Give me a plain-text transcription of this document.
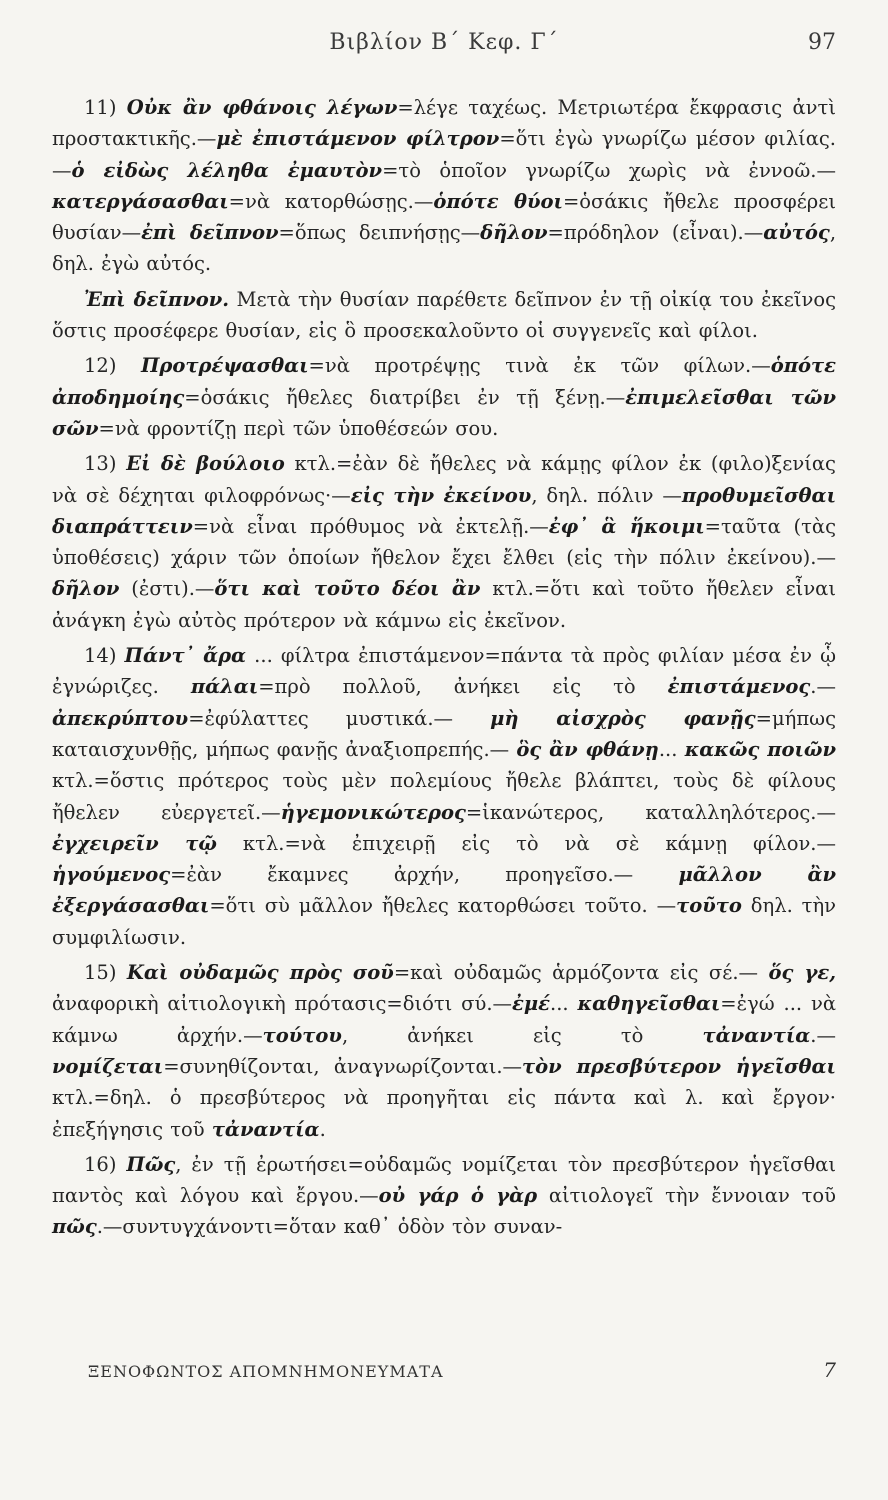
Βιβλίον Β΄ Κεφ. Γ΄	97

11) Οὐκ ἂν φθάνοις λέγων=λέγε ταχέως. Μετριωτέρα ἔκφρασις ἀντὶ προστακτικῆς.—μὲ ἐπιστάμενον φίλτρον=ὅτι ἐγὼ γνωρίζω μέσον φιλίας.—ὁ εἰδὼς λέληθα ἐμαυτὸν=τὸ ὁποῖον γνωρίζω χωρὶς νὰ ἐννοῶ.—κατεργάσασθαι=νὰ κατορθώσῃς.—ὁπότε θύοι=ὁσάκις ἤθελε προσφέρει θυσίαν—ἐπὶ δεῖπνον=ὅπως δειπνήσῃς—δῆλον=πρόδηλον (εἶναι).—αὐτός, δηλ. ἐγὼ αὐτός.

Ἐπὶ δεῖπνον. Μετὰ τὴν θυσίαν παρέθετε δεῖπνον ἐν τῇ οἰκίᾳ του ἐκεῖνος ὅστις προσέφερε θυσίαν, εἰς ὃ προσεκαλοῦντο οἱ συγγενεῖς καὶ φίλοι.

12) Προτρέψασθαι=νὰ προτρέψῃς τινὰ ἐκ τῶν φίλων.—ὁπότε ἀποδημοίης=ὁσάκις ἤθελες διατρίβει ἐν τῇ ξένῃ.—ἐπιμελεῖσθαι τῶν σῶν=νὰ φροντίζῃ περὶ τῶν ὑποθέσεών σου.

13) Εἰ δὲ βούλοιο κτλ.=ἐὰν δὲ ἤθελες νὰ κάμῃς φίλον ἐκ (φιλο)ξενίας νὰ σὲ δέχηται φιλοφρόνως·—εἰς τὴν ἐκείνου, δηλ. πόλιν —προθυμεῖσθαι διαπράττειν=νὰ εἶναι πρόθυμος νὰ ἐκτελῇ.—ἐφ᾿ ἃ ἥκοιμι=ταῦτα (τὰς ὑποθέσεις) χάριν τῶν ὁποίων ἤθελον ἔχει ἔλθει (εἰς τὴν πόλιν ἐκείνου).—δῆλον (ἐστι).—ὅτι καὶ τοῦτο δέοι ἂν κτλ.=ὅτι καὶ τοῦτο ἤθελεν εἶναι ἀνάγκη ἐγὼ αὐτὸς πρότερον νὰ κάμνω εἰς ἐκεῖνον.

14) Πάντ᾿ ἄρα ... φίλτρα ἐπιστάμενον=πάντα τὰ πρὸς φιλίαν μέσα ἐν ᾧ ἐγνώριζες. πάλαι=πρὸ πολλοῦ, ἀνήκει εἰς τὸ ἐπιστάμενος.— ἀπεκρύπτου=ἐφύλαττες μυστικά.— μὴ αἰσχρὸς φανῇς=μήπως καταισχυνθῇς, μήπως φανῇς ἀναξιοπρεπής.— ὃς ἂν φθάνῃ... κακῶς ποιῶν κτλ.=ὅστις πρότερος τοὺς μὲν πολεμίους ἤθελε βλάπτει, τοὺς δὲ φίλους ἤθελεν εὐεργετεῖ.—ἡγεμονικώτερος=ἱκανώτερος, καταλληλότερος.— ἐγχειρεῖν τῷ κτλ.=νὰ ἐπιχειρῇ εἰς τὸ νὰ σὲ κάμνῃ φίλον.— ἡγούμενος=ἐὰν ἔκαμνες ἀρχήν, προηγεῖσο.— μᾶλλον ἂν ἐξεργάσασθαι=ὅτι σὺ μᾶλλον ἤθελες κατορθώσει τοῦτο. —τοῦτο δηλ. τὴν συμφιλίωσιν.

15) Καὶ οὐδαμῶς πρὸς σοῦ=καὶ οὐδαμῶς ἁρμόζοντα εἰς σέ.— ὅς γε, ἀναφορικὴ αἰτιολογικὴ πρότασις=διότι σύ.—ἐμέ... καθηγεῖσθαι=ἐγώ ... νὰ κάμνω ἀρχήν.—τούτου, ἀνήκει εἰς τὸ τἀναντία.—νομίζεται=συνηθίζονται, ἀναγνωρίζονται.—τὸν πρεσβύτερον ἡγεῖσθαι κτλ.=δηλ. ὁ πρεσβύτερος νὰ προηγῆται εἰς πάντα καὶ λ. καὶ ἔργον· ἐπεξήγησις τοῦ τἀναντία.

16) Πῶς, ἐν τῇ ἐρωτήσει=οὐδαμῶς νομίζεται τὸν πρεσβύτερον ἡγεῖσθαι παντὸς καὶ λόγου καὶ ἔργου.—οὐ γάρ ὁ γὰρ αἰτιολογεῖ τὴν ἔννοιαν τοῦ πῶς.—συντυγχάνοντι=ὅταν καθ᾿ ὁδὸν τὸν συναν-

ΞΕΝΟΦΩΝΤΟΣ ΑΠΟΜΝΗΜΟΝΕΥΜΑΤΑ	7
